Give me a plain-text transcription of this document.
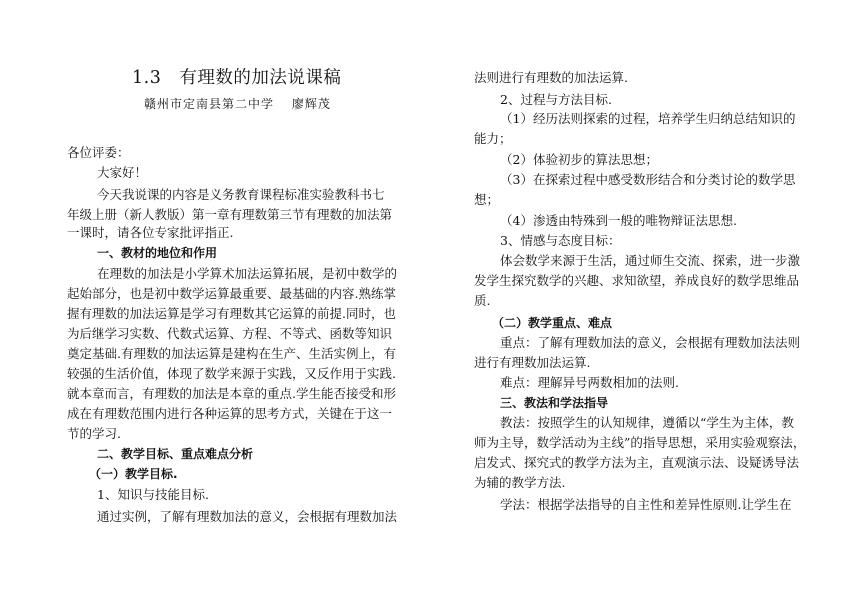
1.3　有理数的加法说课稿
赣州市定南县第二中学　 廖辉茂
各位评委：
大家好！
今天我说课的内容是义务教育课程标准实验教科书七
年级上册（新人教版）第一章有理数第三节有理数的加法第
一课时，请各位专家批评指正.
一、教材的地位和作用
在理数的加法是小学算术加法运算拓展，是初中数学的
起始部分，也是初中数学运算最重要、最基础的内容.熟练掌
握有理数的加法运算是学习有理数其它运算的前提.同时，也
为后继学习实数、代数式运算、方程、不等式、函数等知识
奠定基础.有理数的加法运算是建构在生产、生活实例上，有
较强的生活价值，体现了数学来源于实践，又反作用于实践.
就本章而言，有理数的加法是本章的重点.学生能否接受和形
成在有理数范围内进行各种运算的思考方式，关键在于这一
节的学习.
二、教学目标、重点难点分析
（一）教学目标.
1、知识与技能目标.
通过实例，了解有理数加法的意义，会根据有理数加法
法则进行有理数的加法运算.
2、过程与方法目标.
（1）经历法则探索的过程，培养学生归纳总结知识的
能力；
（2）体验初步的算法思想；
（3）在探索过程中感受数形结合和分类讨论的数学思
想；
（4）渗透由特殊到一般的唯物辩证法思想.
3、情感与态度目标：
体会数学来源于生活，通过师生交流、探索，进一步激
发学生探究数学的兴趣、求知欲望，养成良好的数学思维品
质.
（二）教学重点、难点
重点：了解有理数加法的意义，会根据有理数加法法则
进行有理数加法运算.
难点：理解异号两数相加的法则.
三、教法和学法指导
教法：按照学生的认知规律，遵循以“学生为主体，教
师为主导，数学活动为主线”的指导思想，采用实验观察法，
启发式、探究式的教学方法为主，直观演示法、设疑诱导法
为辅的教学方法.
学法：根据学法指导的自主性和差异性原则.让学生在
